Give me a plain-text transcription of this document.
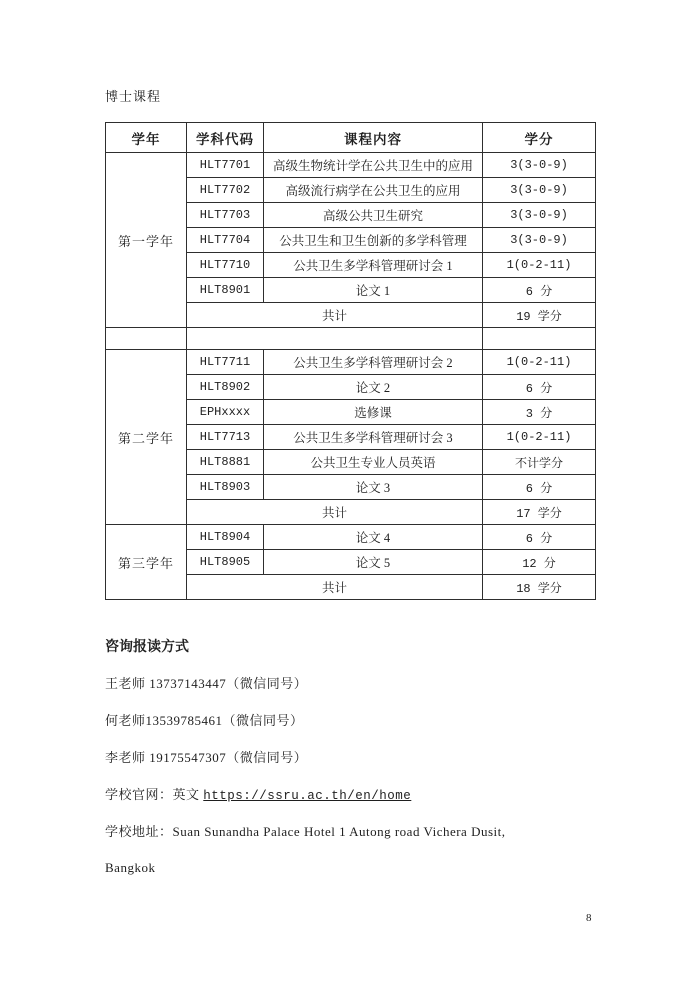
博士课程
学年	学科代码	课程内容	学分
第一学年	HLT7701	高级生物统计学在公共卫生中的应用	3(3-0-9)
	HLT7702	高级流行病学在公共卫生的应用	3(3-0-9)
	HLT7703	高级公共卫生研究	3(3-0-9)
	HLT7704	公共卫生和卫生创新的多学科管理	3(3-0-9)
	HLT7710	公共卫生多学科管理研讨会 1	1(0-2-11)
	HLT8901	论文 1	6 分
	共计		19 学分

第二学年	HLT7711	公共卫生多学科管理研讨会 2	1(0-2-11)
	HLT8902	论文 2	6 分
	EPHxxxx	选修课	3 分
	HLT7713	公共卫生多学科管理研讨会 3	1(0-2-11)
	HLT8881	公共卫生专业人员英语	不计学分
	HLT8903	论文 3	6 分
	共计		17 学分
第三学年	HLT8904	论文 4	6 分
	HLT8905	论文 5	12 分
	共计		18 学分
咨询报读方式
王老师 13737143447（微信同号）
何老师13539785461（微信同号）
李老师 19175547307（微信同号）
学校官网：英文 https://ssru.ac.th/en/home
学校地址：Suan Sunandha Palace Hotel 1 Autong road Vichera Dusit,
Bangkok
8
